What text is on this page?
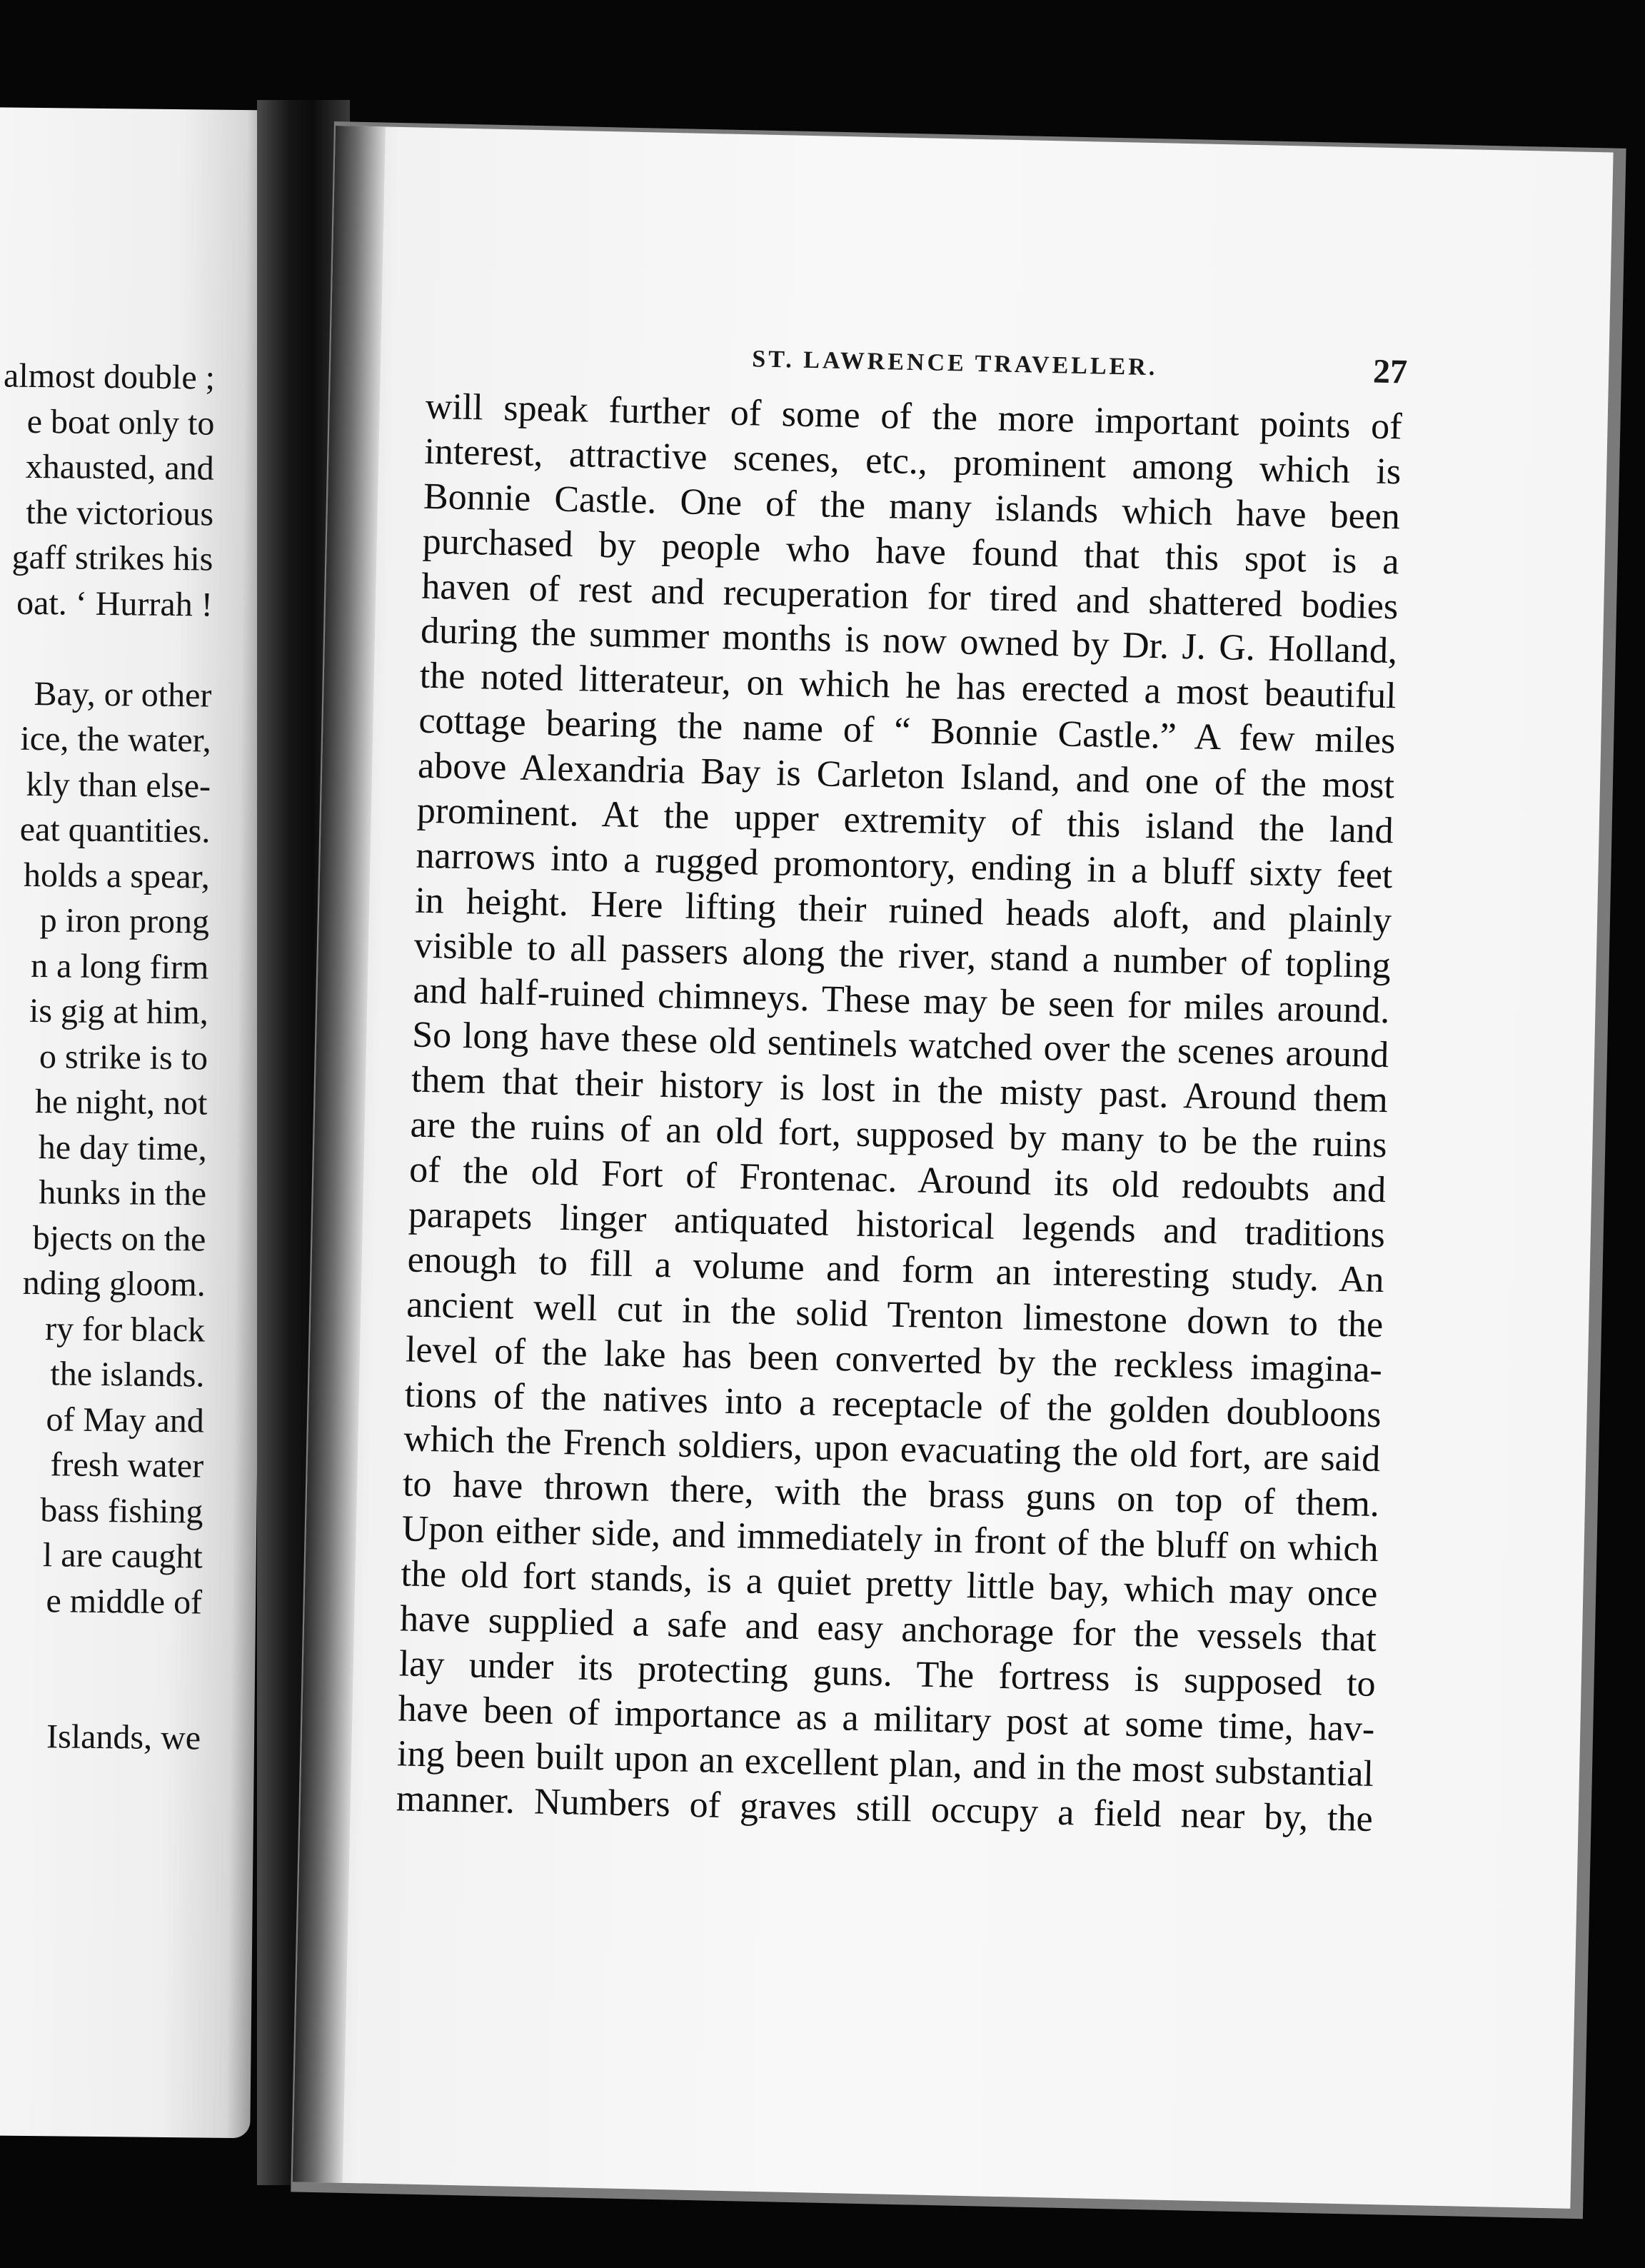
almost double ;
e boat only to
xhausted, and
the victorious
gaff strikes his
oat. ‘ Hurrah !
Bay, or other
ice, the water,
kly than else-
eat quantities.
holds a spear,
p iron prong
n a long firm
is gig at him,
o strike is to
he night, not
he day time,
hunks in the
bjects on the
nding gloom.
ry for black
the islands.
of May and
fresh water
bass fishing
l are caught
e middle of
Islands, we
ST. LAWRENCE TRAVELLER.	27
will speak further of some of the more important points of
interest, attractive scenes, etc., prominent among which is
Bonnie Castle. One of the many islands which have been
purchased by people who have found that this spot is a
haven of rest and recuperation for tired and shattered bodies
during the summer months is now owned by Dr. J. G. Holland,
the noted litterateur, on which he has erected a most beautiful
cottage bearing the name of “ Bonnie Castle.” A few miles
above Alexandria Bay is Carleton Island, and one of the most
prominent. At the upper extremity of this island the land
narrows into a rugged promontory, ending in a bluff sixty feet
in height. Here lifting their ruined heads aloft, and plainly
visible to all passers along the river, stand a number of topling
and half-ruined chimneys. These may be seen for miles around.
So long have these old sentinels watched over the scenes around
them that their history is lost in the misty past. Around them
are the ruins of an old fort, supposed by many to be the ruins
of the old Fort of Frontenac. Around its old redoubts and
parapets linger antiquated historical legends and traditions
enough to fill a volume and form an interesting study. An
ancient well cut in the solid Trenton limestone down to the
level of the lake has been converted by the reckless imagina-
tions of the natives into a receptacle of the golden doubloons
which the French soldiers, upon evacuating the old fort, are said
to have thrown there, with the brass guns on top of them.
Upon either side, and immediately in front of the bluff on which
the old fort stands, is a quiet pretty little bay, which may once
have supplied a safe and easy anchorage for the vessels that
lay under its protecting guns. The fortress is supposed to
have been of importance as a military post at some time, hav-
ing been built upon an excellent plan, and in the most substantial
manner. Numbers of graves still occupy a field near by, the
